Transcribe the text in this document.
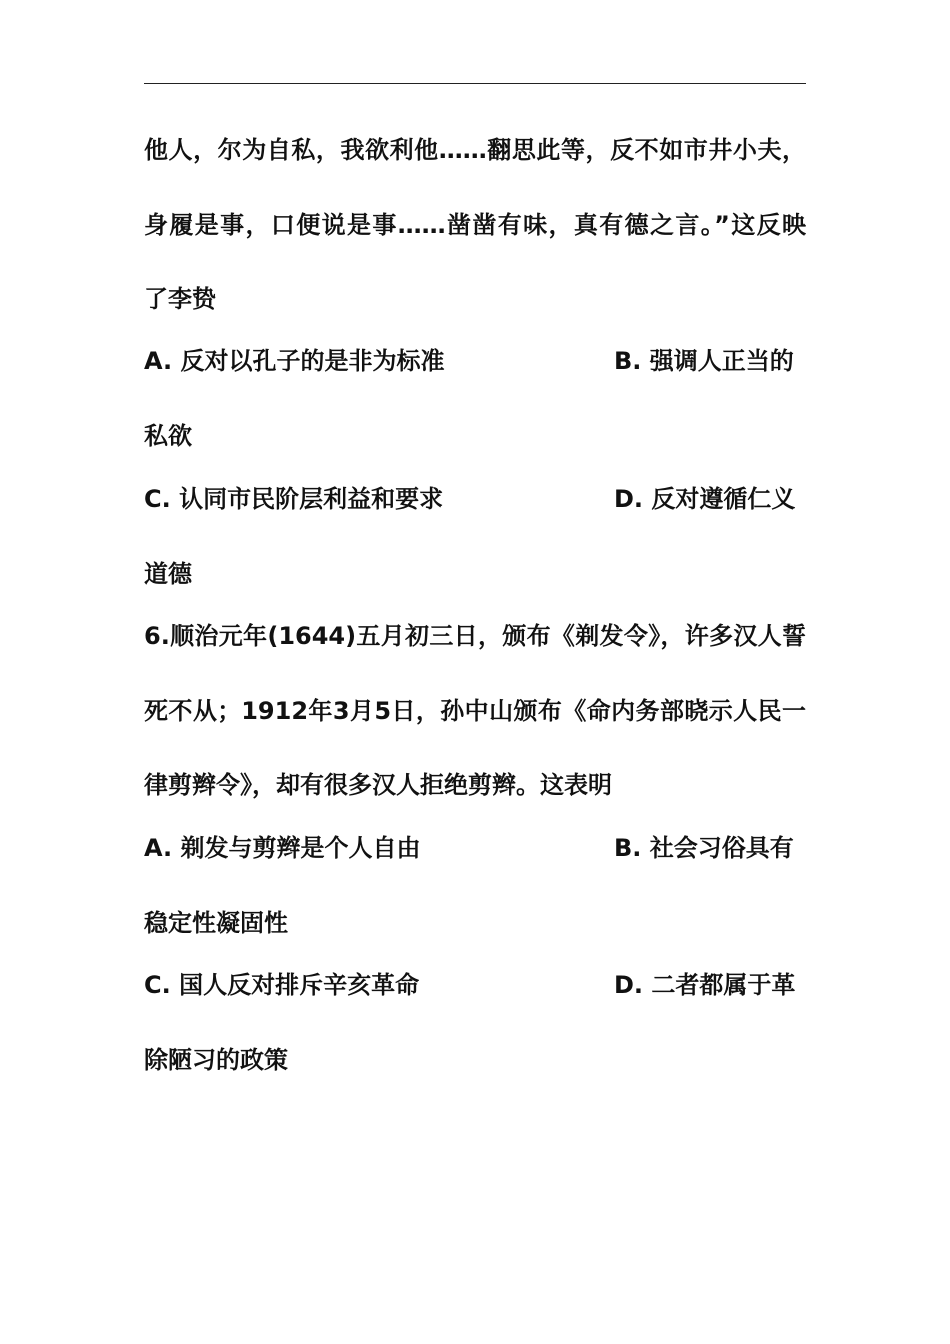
他人，尔为自私，我欲利他……翻思此等，反不如市井小夫，
身履是事，口便说是事……凿凿有味，真有德之言。”这反映
了李贽
A. 反对以孔子的是非为标准	B. 强调人正当的
私欲
C. 认同市民阶层利益和要求	D. 反对遵循仁义
道德
6.顺治元年(1644)五月初三日，颁布《剃发令》，许多汉人誓
死不从；1912年3月5日，孙中山颁布《命内务部晓示人民一
律剪辫令》，却有很多汉人拒绝剪辫。这表明
A. 剃发与剪辫是个人自由	B. 社会习俗具有
稳定性凝固性
C. 国人反对排斥辛亥革命	D. 二者都属于革
除陋习的政策
